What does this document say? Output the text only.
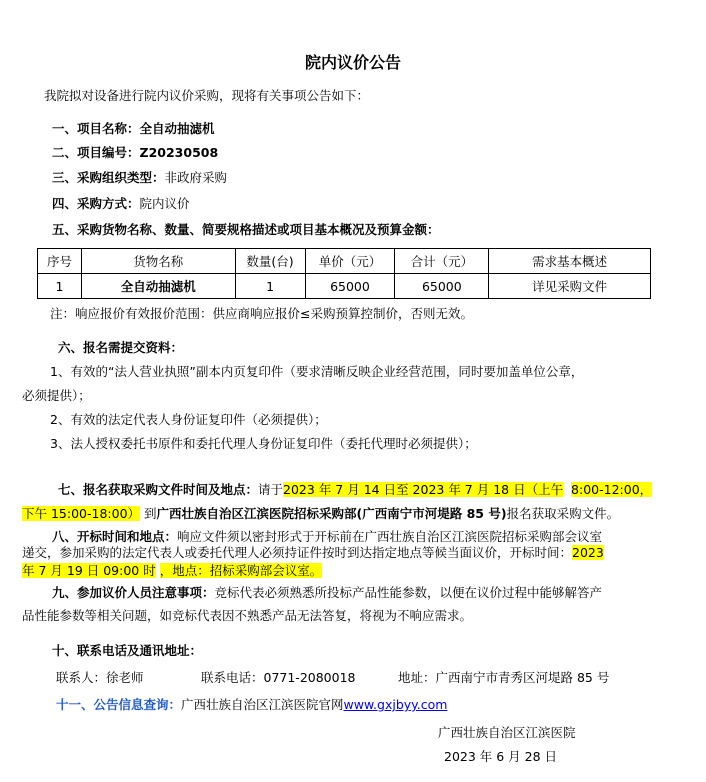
院内议价公告
我院拟对设备进行院内议价采购，现将有关事项公告如下：
一、项目名称：全自动抽滤机
二、项目编号：Z20230508
三、采购组织类型：非政府采购
四、采购方式：院内议价
五、采购货物名称、数量、简要规格描述或项目基本概况及预算金额：
序号	货物名称	数量(台)	单价（元）	合计（元）	需求基本概述
1	全自动抽滤机	1	65000	65000	详见采购文件
注：响应报价有效报价范围：供应商响应报价≤采购预算控制价，否则无效。
六、报名需提交资料：
1、有效的“法人营业执照”副本内页复印件（要求清晰反映企业经营范围，同时要加盖单位公章，
必须提供）；
2、有效的法定代表人身份证复印件（必须提供）；
3、法人授权委托书原件和委托代理人身份证复印件（委托代理时必须提供）；
七、报名获取采购文件时间及地点：请于2023 年 7 月 14 日至 2023 年 7 月 18 日（上午 8:00-12:00，
下午 15:00-18:00） 到广西壮族自治区江滨医院招标采购部(广西南宁市河堤路 85 号)报名获取采购文件。
八、开标时间和地点：响应文件须以密封形式于开标前在广西壮族自治区江滨医院招标采购部会议室
递交，参加采购的法定代表人或委托代理人必须持证件按时到达指定地点等候当面议价，开标时间：2023
年 7 月 19 日 09:00 时 ，地点：招标采购部会议室。
九、参加议价人员注意事项：竞标代表必须熟悉所投标产品性能参数，以便在议价过程中能够解答产
品性能参数等相关问题，如竞标代表因不熟悉产品无法答复，将视为不响应需求。
十、联系电话及通讯地址：
联系人：徐老师	联系电话：0771-2080018	地址：广西南宁市青秀区河堤路 85 号
十一、公告信息查询：广西壮族自治区江滨医院官网www.gxjbyy.com
广西壮族自治区江滨医院
2023 年 6 月 28 日
